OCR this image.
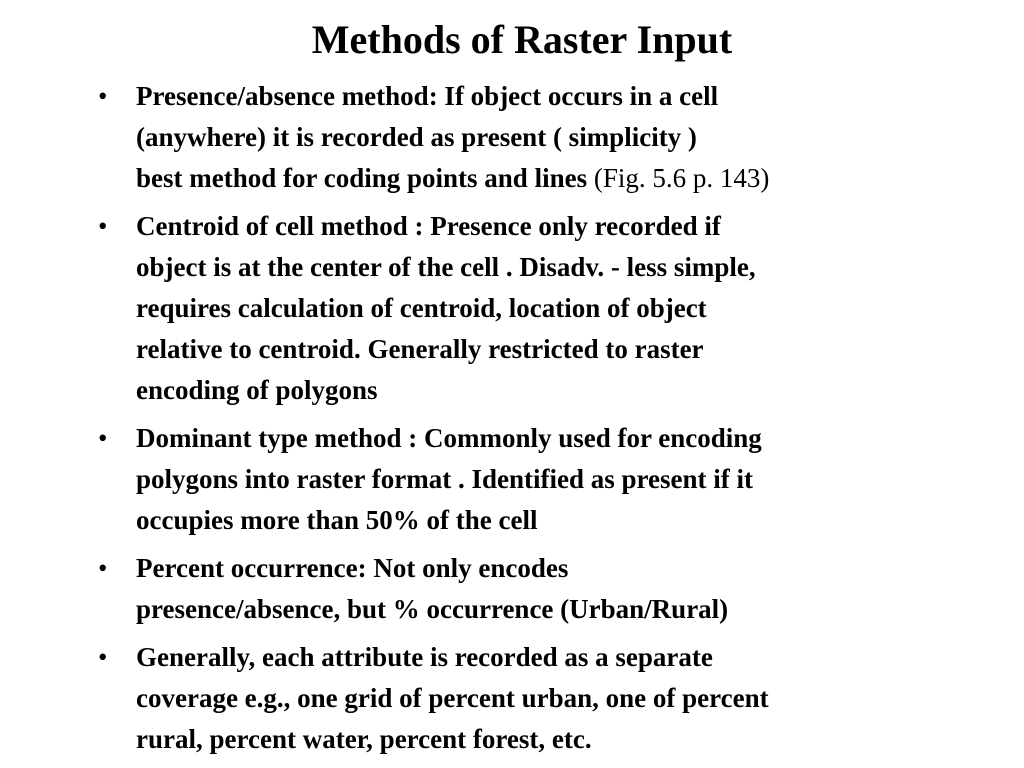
Methods of Raster Input
• Presence/absence method: If object occurs in a cell
(anywhere) it is recorded as present ( simplicity )
best method for coding points and lines (Fig. 5.6 p. 143)
• Centroid of cell method : Presence only recorded if
object is at the center of the cell . Disadv. - less simple,
requires calculation of centroid, location of object
relative to centroid. Generally restricted to raster
encoding of polygons
• Dominant type method : Commonly used for encoding
polygons into raster format . Identified as present if it
occupies more than 50% of the cell
• Percent occurrence: Not only encodes
presence/absence, but % occurrence (Urban/Rural)
• Generally, each attribute is recorded as a separate
coverage e.g., one grid of percent urban, one of percent
rural, percent water, percent forest, etc.
